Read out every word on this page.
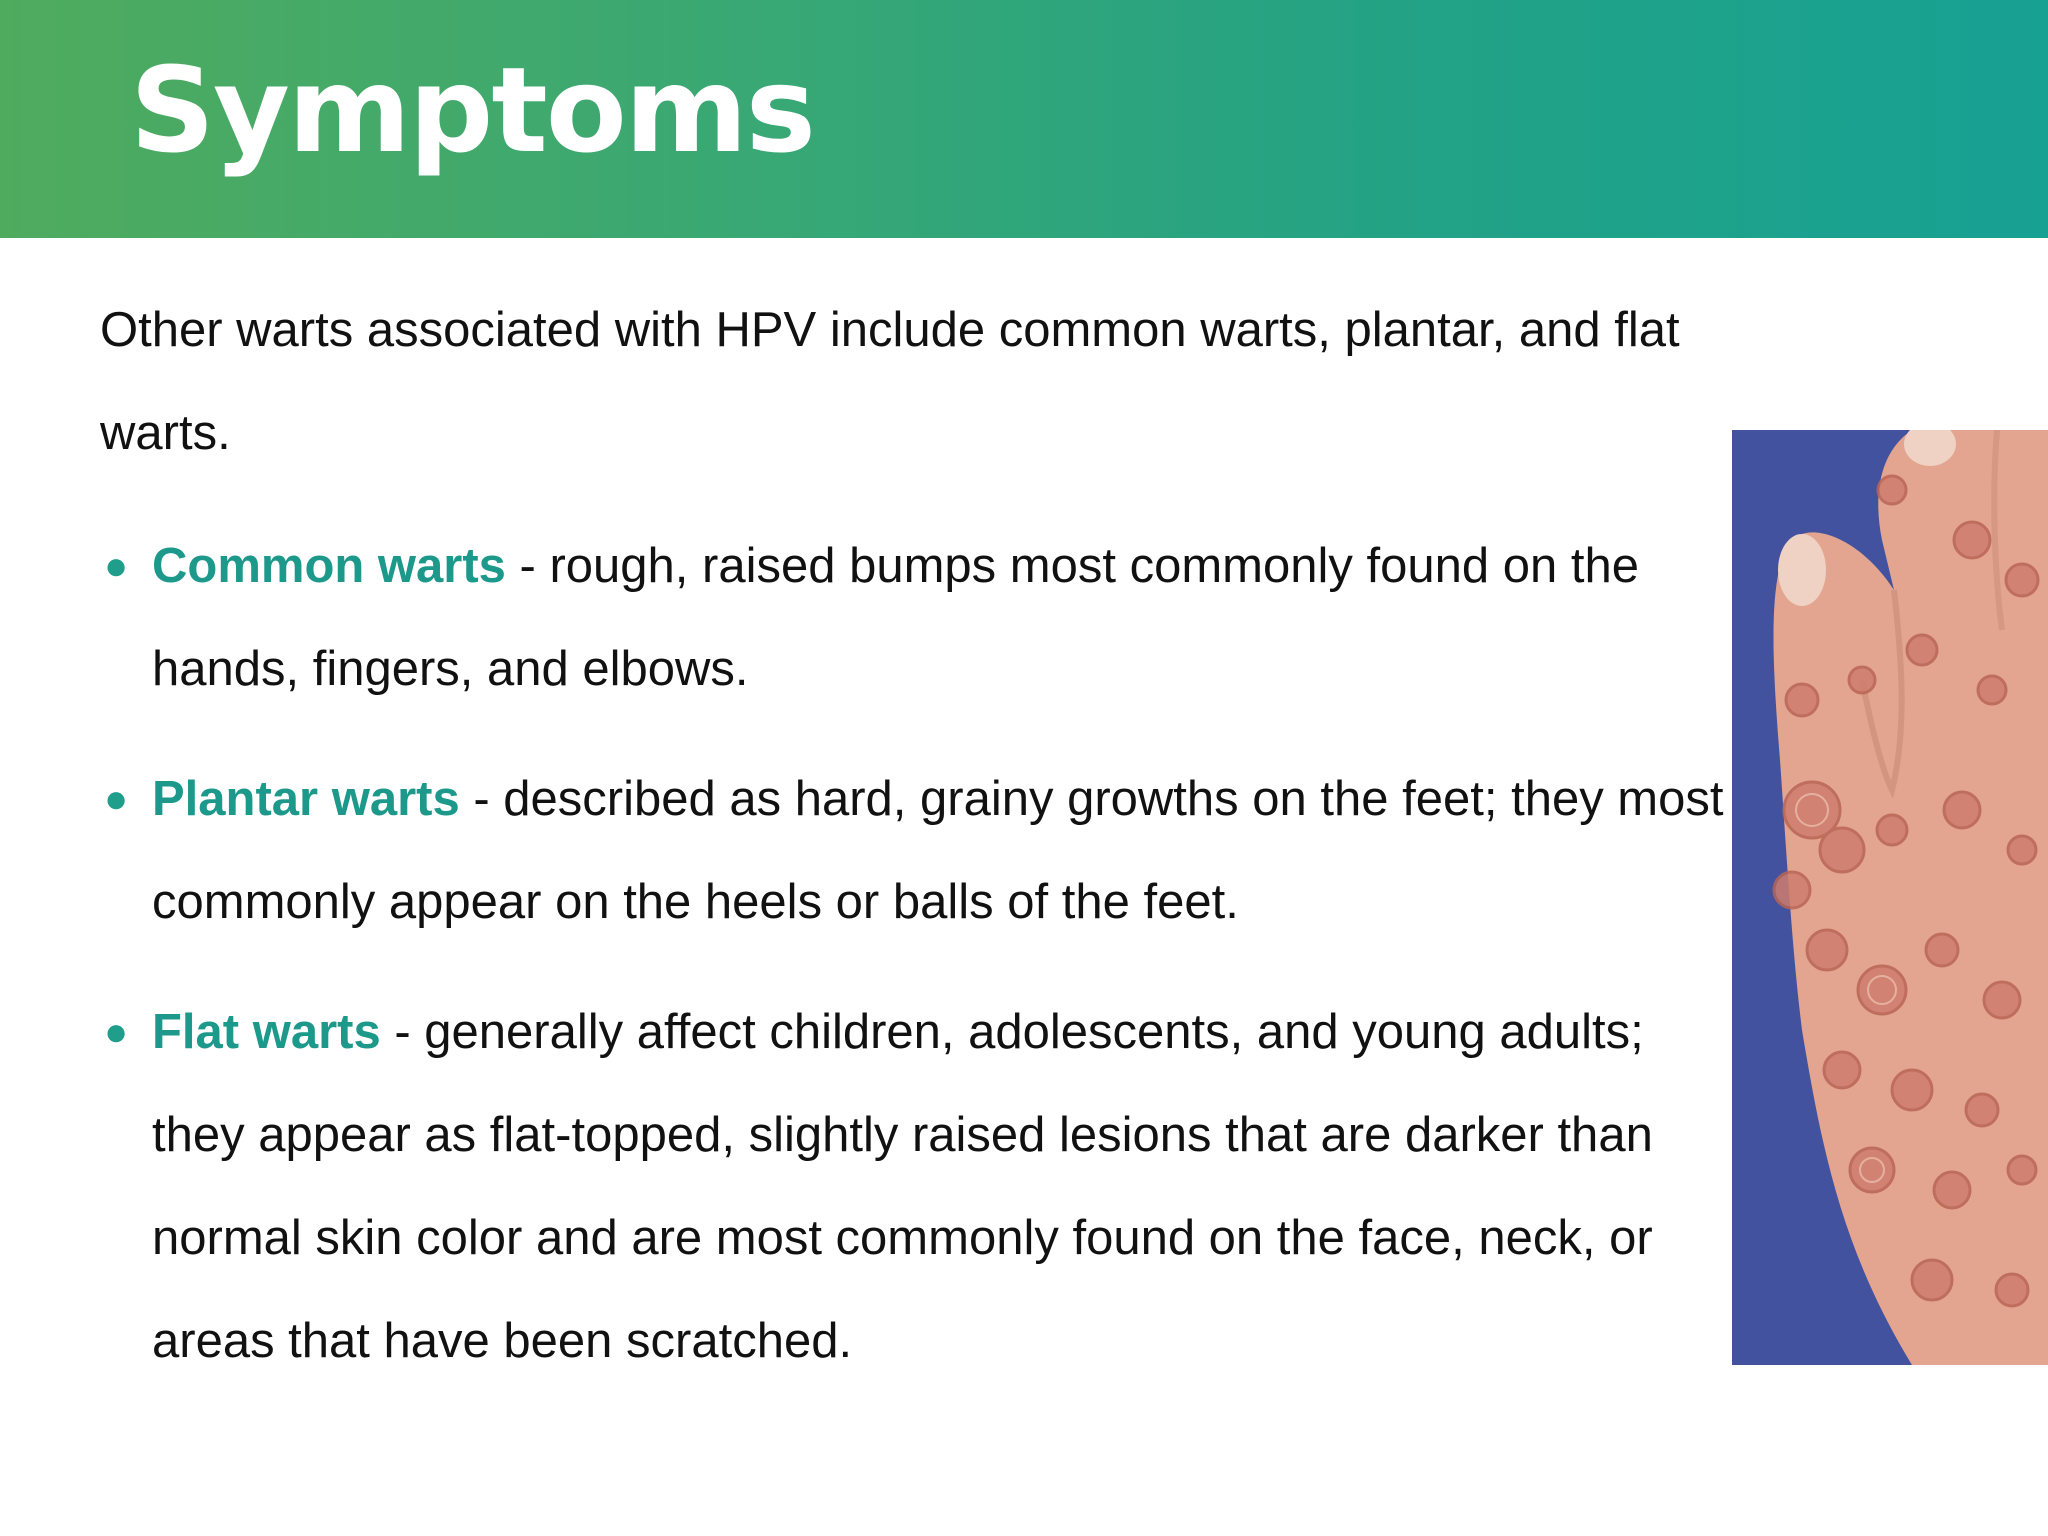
Symptoms

Other warts associated with HPV include common warts, plantar, and flat warts.

● Common warts - rough, raised bumps most commonly found on the hands, fingers, and elbows.
● Plantar warts - described as hard, grainy growths on the feet; they most commonly appear on the heels or balls of the feet.
● Flat warts - generally affect children, adolescents, and young adults; they appear as flat-topped, slightly raised lesions that are darker than normal skin color and are most commonly found on the face, neck, or areas that have been scratched.
